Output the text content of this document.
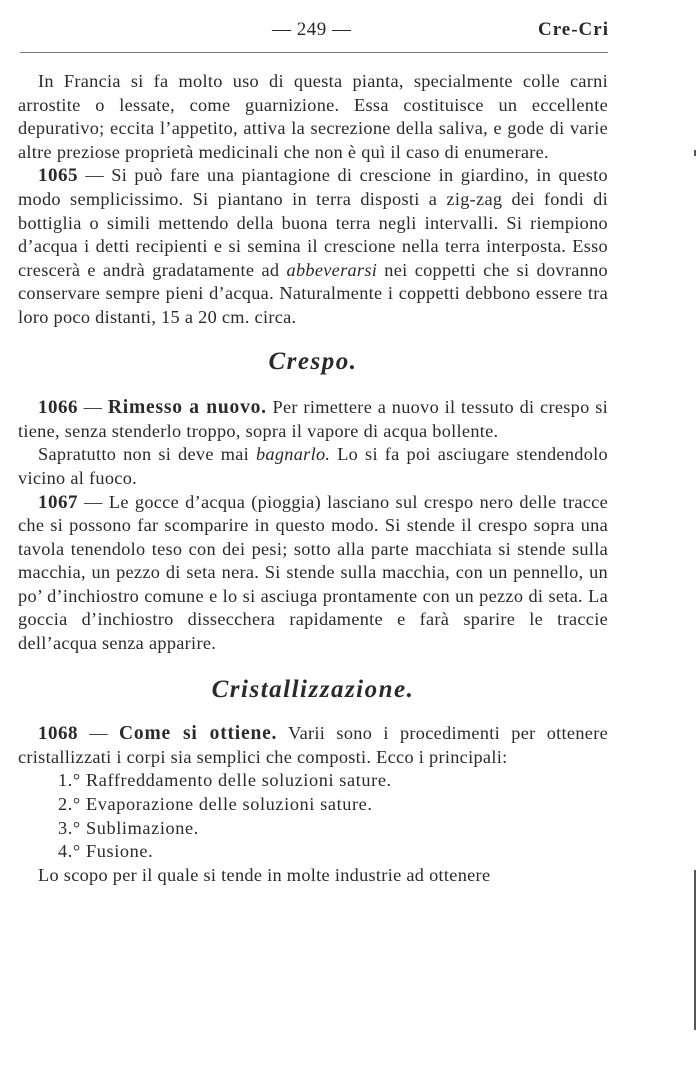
— 249 —	Cre-Cri

In Francia si fa molto uso di questa pianta, specialmente colle carni arrostite o lessate, come guarnizione. Essa costituisce un eccellente depurativo; eccita l’appetito, attiva la secrezione della saliva, e gode di varie altre preziose proprietà medicinali che non è quì il caso di enumerare.

1065 — Si può fare una piantagione di crescione in giardino, in questo modo semplicissimo. Si piantano in terra disposti a zig-zag dei fondi di bottiglia o simili mettendo della buona terra negli intervalli. Si riempiono d’acqua i detti recipienti e si semina il crescione nella terra interposta. Esso crescerà e andrà gradatamente ad abbeverarsi nei coppetti che si dovranno conservare sempre pieni d’acqua. Naturalmente i coppetti debbono essere tra loro poco distanti, 15 a 20 cm. circa.

Crespo.

1066 — Rimesso a nuovo. Per rimettere a nuovo il tessuto di crespo si tiene, senza stenderlo troppo, sopra il vapore di acqua bollente.

Sapratutto non si deve mai bagnarlo. Lo si fa poi asciugare stendendolo vicino al fuoco.

1067 — Le gocce d’acqua (pioggia) lasciano sul crespo nero delle tracce che si possono far scomparire in questo modo. Si stende il crespo sopra una tavola tenendolo teso con dei pesi; sotto alla parte macchiata si stende sulla macchia, un pezzo di seta nera. Si stende sulla macchia, con un pennello, un po’ d’inchiostro comune e lo si asciuga prontamente con un pezzo di seta. La goccia d’inchiostro dissecchera rapidamente e farà sparire le traccie dell’acqua senza apparire.

Cristallizzazione.

1068 — Come si ottiene. Varii sono i procedimenti per ottenere cristallizzati i corpi sia semplici che composti. Ecco i principali:

1.° Raffreddamento delle soluzioni sature.

2.° Evaporazione delle soluzioni sature.

3.° Sublimazione.

4.° Fusione.

Lo scopo per il quale si tende in molte industrie ad ottenere
